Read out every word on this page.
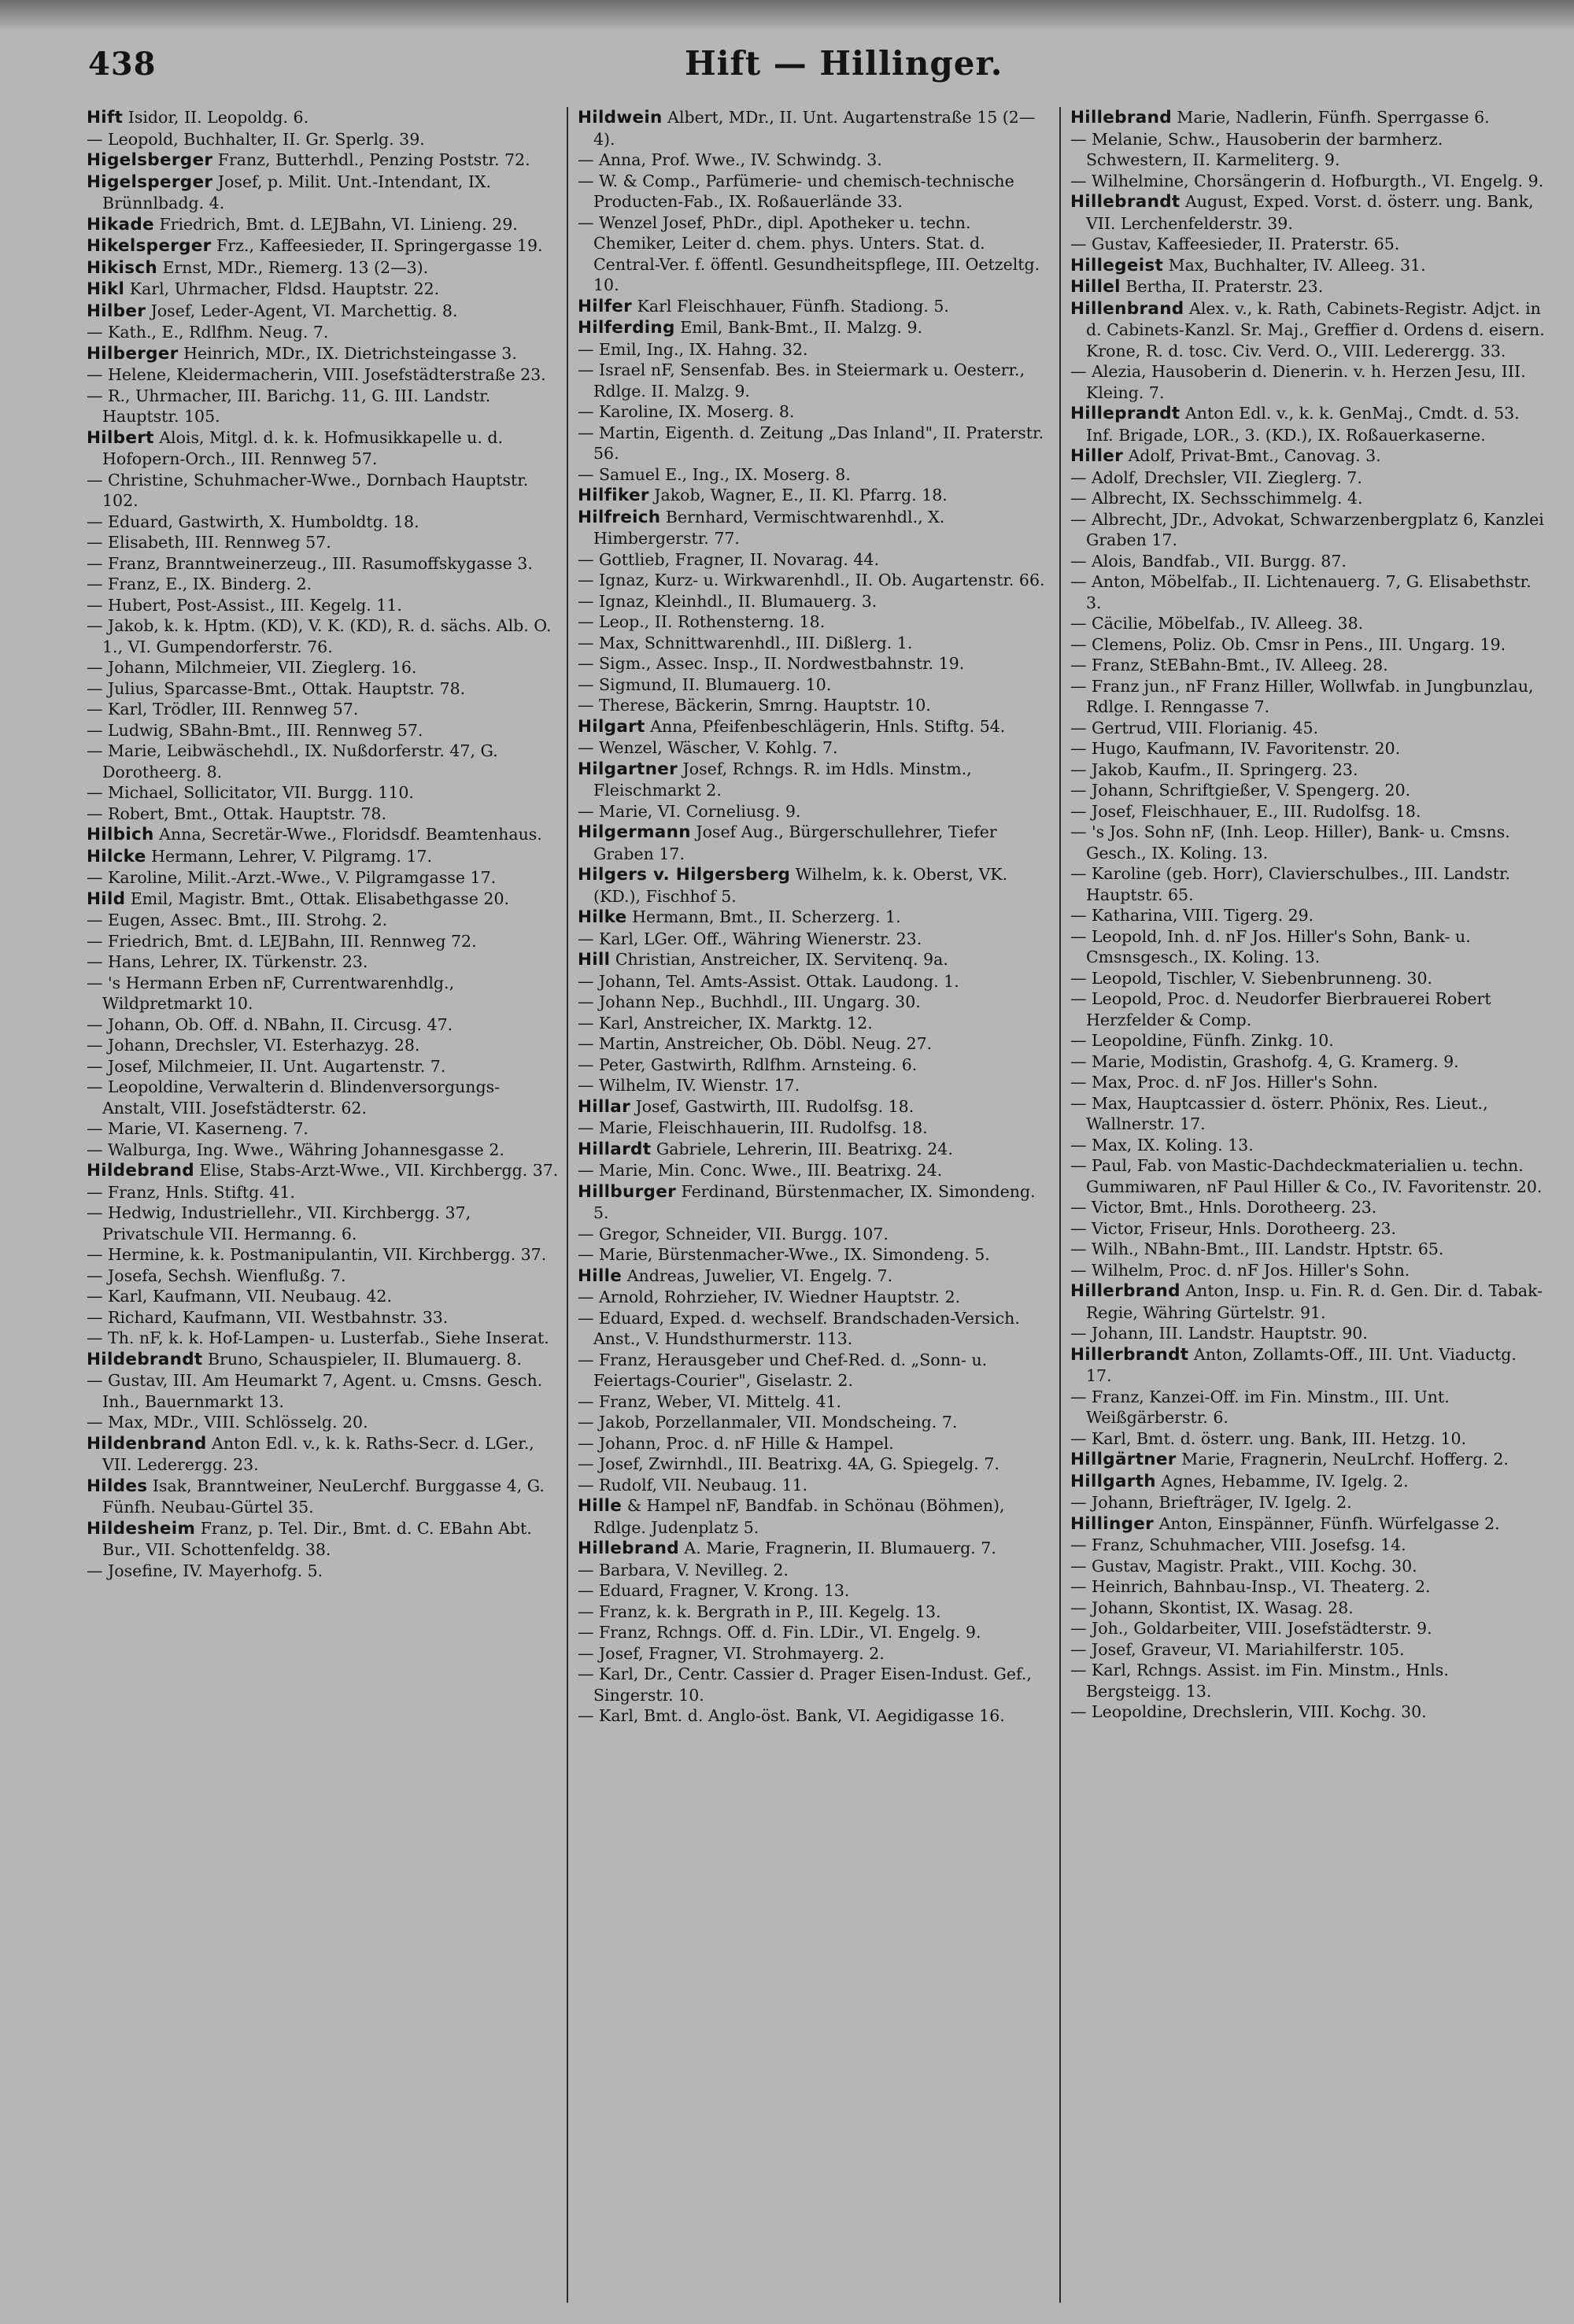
438	Hift — Hillinger.
Hift Isidor, II. Leopoldg. 6.
— Leopold, Buchhalter, II. Gr. Sperlg. 39.
Higelsberger Franz, Butterhdl., Penzing Poststr. 72.
Higelsperger Josef, p. Milit. Unt.-Intendant, IX. Brünnlbadg. 4.
Hikade Friedrich, Bmt. d. LEJBahn, VI. Linieng. 29.
Hikelsperger Frz., Kaffeesieder, II. Springergasse 19.
Hikisch Ernst, MDr., Riemerg. 13 (2—3).
Hikl Karl, Uhrmacher, Fldsd. Hauptstr. 22.
Hilber Josef, Leder-Agent, VI. Marchettig. 8.
— Kath., E., Rdlfhm. Neug. 7.
Hilberger Heinrich, MDr., IX. Dietrichsteingasse 3.
— Helene, Kleidermacherin, VIII. Josefstädterstraße 23.
— R., Uhrmacher, III. Barichg. 11, G. III. Landstr. Hauptstr. 105.
Hilbert Alois, Mitgl. d. k. k. Hofmusikkapelle u. d. Hofopern-Orch., III. Rennweg 57.
— Christine, Schuhmacher-Wwe., Dornbach Hauptstr. 102.
— Eduard, Gastwirth, X. Humboldtg. 18.
— Elisabeth, III. Rennweg 57.
— Franz, Branntweinerzeug., III. Rasumoffskygasse 3.
— Franz, E., IX. Binderg. 2.
— Hubert, Post-Assist., III. Kegelg. 11.
— Jakob, k. k. Hptm. (KD), V. K. (KD), R. d. sächs. Alb. O. 1., VI. Gumpendorferstr. 76.
— Johann, Milchmeier, VII. Zieglerg. 16.
— Julius, Sparcasse-Bmt., Ottak. Hauptstr. 78.
— Karl, Trödler, III. Rennweg 57.
— Ludwig, SBahn-Bmt., III. Rennweg 57.
— Marie, Leibwäschehdl., IX. Nußdorferstr. 47, G. Dorotheerg. 8.
— Michael, Sollicitator, VII. Burgg. 110.
— Robert, Bmt., Ottak. Hauptstr. 78.
Hilbich Anna, Secretär-Wwe., Floridsdf. Beamtenhaus.
Hilcke Hermann, Lehrer, V. Pilgramg. 17.
— Karoline, Milit.-Arzt.-Wwe., V. Pilgramgasse 17.
Hild Emil, Magistr. Bmt., Ottak. Elisabethgasse 20.
— Eugen, Assec. Bmt., III. Strohg. 2.
— Friedrich, Bmt. d. LEJBahn, III. Rennweg 72.
— Hans, Lehrer, IX. Türkenstr. 23.
— 's Hermann Erben nF, Currentwarenhdlg., Wildpretmarkt 10.
— Johann, Ob. Off. d. NBahn, II. Circusg. 47.
— Johann, Drechsler, VI. Esterhazyg. 28.
— Josef, Milchmeier, II. Unt. Augartenstr. 7.
— Leopoldine, Verwalterin d. Blindenversorgungs-Anstalt, VIII. Josefstädterstr. 62.
— Marie, VI. Kaserneng. 7.
— Walburga, Ing. Wwe., Währing Johannesgasse 2.
Hildebrand Elise, Stabs-Arzt-Wwe., VII. Kirchbergg. 37.
— Franz, Hnls. Stiftg. 41.
— Hedwig, Industriellehr., VII. Kirchbergg. 37, Privatschule VII. Hermanng. 6.
— Hermine, k. k. Postmanipulantin, VII. Kirchbergg. 37.
— Josefa, Sechsh. Wienflußg. 7.
— Karl, Kaufmann, VII. Neubaug. 42.
— Richard, Kaufmann, VII. Westbahnstr. 33.
— Th. nF, k. k. Hof-Lampen- u. Lusterfab., Siehe Inserat.
Hildebrandt Bruno, Schauspieler, II. Blumauerg. 8.
— Gustav, III. Am Heumarkt 7, Agent. u. Cmsns. Gesch. Inh., Bauernmarkt 13.
— Max, MDr., VIII. Schlösselg. 20.
Hildenbrand Anton Edl. v., k. k. Raths-Secr. d. LGer., VII. Lederergg. 23.
Hildes Isak, Branntweiner, NeuLerchf. Burggasse 4, G. Fünfh. Neubau-Gürtel 35.
Hildesheim Franz, p. Tel. Dir., Bmt. d. C. EBahn Abt. Bur., VII. Schottenfeldg. 38.
— Josefine, IV. Mayerhofg. 5.
Hildwein Albert, MDr., II. Unt. Augartenstraße 15 (2—4).
— Anna, Prof. Wwe., IV. Schwindg. 3.
— W. & Comp., Parfümerie- und chemisch-technische Producten-Fab., IX. Roßauerlände 33.
— Wenzel Josef, PhDr., dipl. Apotheker u. techn. Chemiker, Leiter d. chem. phys. Unters. Stat. d. Central-Ver. f. öffentl. Gesundheitspflege, III. Oetzeltg. 10.
Hilfer Karl Fleischhauer, Fünfh. Stadiong. 5.
Hilferding Emil, Bank-Bmt., II. Malzg. 9.
— Emil, Ing., IX. Hahng. 32.
— Israel nF, Sensenfab. Bes. in Steiermark u. Oesterr., Rdlge. II. Malzg. 9.
— Karoline, IX. Moserg. 8.
— Martin, Eigenth. d. Zeitung „Das Inland", II. Praterstr. 56.
— Samuel E., Ing., IX. Moserg. 8.
Hilfiker Jakob, Wagner, E., II. Kl. Pfarrg. 18.
Hilfreich Bernhard, Vermischtwarenhdl., X. Himbergerstr. 77.
— Gottlieb, Fragner, II. Novarag. 44.
— Ignaz, Kurz- u. Wirkwarenhdl., II. Ob. Augartenstr. 66.
— Ignaz, Kleinhdl., II. Blumauerg. 3.
— Leop., II. Rothensterng. 18.
— Max, Schnittwarenhdl., III. Dißlerg. 1.
— Sigm., Assec. Insp., II. Nordwestbahnstr. 19.
— Sigmund, II. Blumauerg. 10.
— Therese, Bäckerin, Smrng. Hauptstr. 10.
Hilgart Anna, Pfeifenbeschlägerin, Hnls. Stiftg. 54.
— Wenzel, Wäscher, V. Kohlg. 7.
Hilgartner Josef, Rchngs. R. im Hdls. Minstm., Fleischmarkt 2.
— Marie, VI. Corneliusg. 9.
Hilgermann Josef Aug., Bürgerschullehrer, Tiefer Graben 17.
Hilgers v. Hilgersberg Wilhelm, k. k. Oberst, VK. (KD.), Fischhof 5.
Hilke Hermann, Bmt., II. Scherzerg. 1.
— Karl, LGer. Off., Währing Wienerstr. 23.
Hill Christian, Anstreicher, IX. Servitenq. 9a.
— Johann, Tel. Amts-Assist. Ottak. Laudong. 1.
— Johann Nep., Buchhdl., III. Ungarg. 30.
— Karl, Anstreicher, IX. Marktg. 12.
— Martin, Anstreicher, Ob. Döbl. Neug. 27.
— Peter, Gastwirth, Rdlfhm. Arnsteing. 6.
— Wilhelm, IV. Wienstr. 17.
Hillar Josef, Gastwirth, III. Rudolfsg. 18.
— Marie, Fleischhauerin, III. Rudolfsg. 18.
Hillardt Gabriele, Lehrerin, III. Beatrixg. 24.
— Marie, Min. Conc. Wwe., III. Beatrixg. 24.
Hillburger Ferdinand, Bürstenmacher, IX. Simondeng. 5.
— Gregor, Schneider, VII. Burgg. 107.
— Marie, Bürstenmacher-Wwe., IX. Simondeng. 5.
Hille Andreas, Juwelier, VI. Engelg. 7.
— Arnold, Rohrzieher, IV. Wiedner Hauptstr. 2.
— Eduard, Exped. d. wechself. Brandschaden-Versich. Anst., V. Hundsthurmerstr. 113.
— Franz, Herausgeber und Chef-Red. d. „Sonn- u. Feiertags-Courier", Giselastr. 2.
— Franz, Weber, VI. Mittelg. 41.
— Jakob, Porzellanmaler, VII. Mondscheing. 7.
— Johann, Proc. d. nF Hille & Hampel.
— Josef, Zwirnhdl., III. Beatrixg. 4A, G. Spiegelg. 7.
— Rudolf, VII. Neubaug. 11.
Hille & Hampel nF, Bandfab. in Schönau (Böhmen), Rdlge. Judenplatz 5.
Hillebrand A. Marie, Fragnerin, II. Blumauerg. 7.
— Barbara, V. Nevilleg. 2.
— Eduard, Fragner, V. Krong. 13.
— Franz, k. k. Bergrath in P., III. Kegelg. 13.
— Franz, Rchngs. Off. d. Fin. LDir., VI. Engelg. 9.
— Josef, Fragner, VI. Strohmayerg. 2.
— Karl, Dr., Centr. Cassier d. Prager Eisen-Indust. Gef., Singerstr. 10.
— Karl, Bmt. d. Anglo-öst. Bank, VI. Aegidigasse 16.
Hillebrand Marie, Nadlerin, Fünfh. Sperrgasse 6.
— Melanie, Schw., Hausoberin der barmherz. Schwestern, II. Karmeliterg. 9.
— Wilhelmine, Chorsängerin d. Hofburgth., VI. Engelg. 9.
Hillebrandt August, Exped. Vorst. d. österr. ung. Bank, VII. Lerchenfelderstr. 39.
— Gustav, Kaffeesieder, II. Praterstr. 65.
Hillegeist Max, Buchhalter, IV. Alleeg. 31.
Hillel Bertha, II. Praterstr. 23.
Hillenbrand Alex. v., k. Rath, Cabinets-Registr. Adjct. in d. Cabinets-Kanzl. Sr. Maj., Greffier d. Ordens d. eisern. Krone, R. d. tosc. Civ. Verd. O., VIII. Lederergg. 33.
— Alezia, Hausoberin d. Dienerin. v. h. Herzen Jesu, III. Kleing. 7.
Hilleprandt Anton Edl. v., k. k. GenMaj., Cmdt. d. 53. Inf. Brigade, LOR., 3. (KD.), IX. Roßauerkaserne.
Hiller Adolf, Privat-Bmt., Canovag. 3.
— Adolf, Drechsler, VII. Zieglerg. 7.
— Albrecht, IX. Sechsschimmelg. 4.
— Albrecht, JDr., Advokat, Schwarzenbergplatz 6, Kanzlei Graben 17.
— Alois, Bandfab., VII. Burgg. 87.
— Anton, Möbelfab., II. Lichtenauerg. 7, G. Elisabethstr. 3.
— Cäcilie, Möbelfab., IV. Alleeg. 38.
— Clemens, Poliz. Ob. Cmsr in Pens., III. Ungarg. 19.
— Franz, StEBahn-Bmt., IV. Alleeg. 28.
— Franz jun., nF Franz Hiller, Wollwfab. in Jungbunzlau, Rdlge. I. Renngasse 7.
— Gertrud, VIII. Florianig. 45.
— Hugo, Kaufmann, IV. Favoritenstr. 20.
— Jakob, Kaufm., II. Springerg. 23.
— Johann, Schriftgießer, V. Spengerg. 20.
— Josef, Fleischhauer, E., III. Rudolfsg. 18.
— 's Jos. Sohn nF, (Inh. Leop. Hiller), Bank- u. Cmsns. Gesch., IX. Koling. 13.
— Karoline (geb. Horr), Clavierschulbes., III. Landstr. Hauptstr. 65.
— Katharina, VIII. Tigerg. 29.
— Leopold, Inh. d. nF Jos. Hiller's Sohn, Bank- u. Cmsnsgesch., IX. Koling. 13.
— Leopold, Tischler, V. Siebenbrunneng. 30.
— Leopold, Proc. d. Neudorfer Bierbrauerei Robert Herzfelder & Comp.
— Leopoldine, Fünfh. Zinkg. 10.
— Marie, Modistin, Grashofg. 4, G. Kramerg. 9.
— Max, Proc. d. nF Jos. Hiller's Sohn.
— Max, Hauptcassier d. österr. Phönix, Res. Lieut., Wallnerstr. 17.
— Max, IX. Koling. 13.
— Paul, Fab. von Mastic-Dachdeckmaterialien u. techn. Gummiwaren, nF Paul Hiller & Co., IV. Favoritenstr. 20.
— Victor, Bmt., Hnls. Dorotheerg. 23.
— Victor, Friseur, Hnls. Dorotheerg. 23.
— Wilh., NBahn-Bmt., III. Landstr. Hptstr. 65.
— Wilhelm, Proc. d. nF Jos. Hiller's Sohn.
Hillerbrand Anton, Insp. u. Fin. R. d. Gen. Dir. d. Tabak-Regie, Währing Gürtelstr. 91.
— Johann, III. Landstr. Hauptstr. 90.
Hillerbrandt Anton, Zollamts-Off., III. Unt. Viaductg. 17.
— Franz, Kanzei-Off. im Fin. Minstm., III. Unt. Weißgärberstr. 6.
— Karl, Bmt. d. österr. ung. Bank, III. Hetzg. 10.
Hillgärtner Marie, Fragnerin, NeuLrchf. Hofferg. 2.
Hillgarth Agnes, Hebamme, IV. Igelg. 2.
— Johann, Briefträger, IV. Igelg. 2.
Hillinger Anton, Einspänner, Fünfh. Würfelgasse 2.
— Franz, Schuhmacher, VIII. Josefsg. 14.
— Gustav, Magistr. Prakt., VIII. Kochg. 30.
— Heinrich, Bahnbau-Insp., VI. Theaterg. 2.
— Johann, Skontist, IX. Wasag. 28.
— Joh., Goldarbeiter, VIII. Josefstädterstr. 9.
— Josef, Graveur, VI. Mariahilferstr. 105.
— Karl, Rchngs. Assist. im Fin. Minstm., Hnls. Bergsteigg. 13.
— Leopoldine, Drechslerin, VIII. Kochg. 30.
